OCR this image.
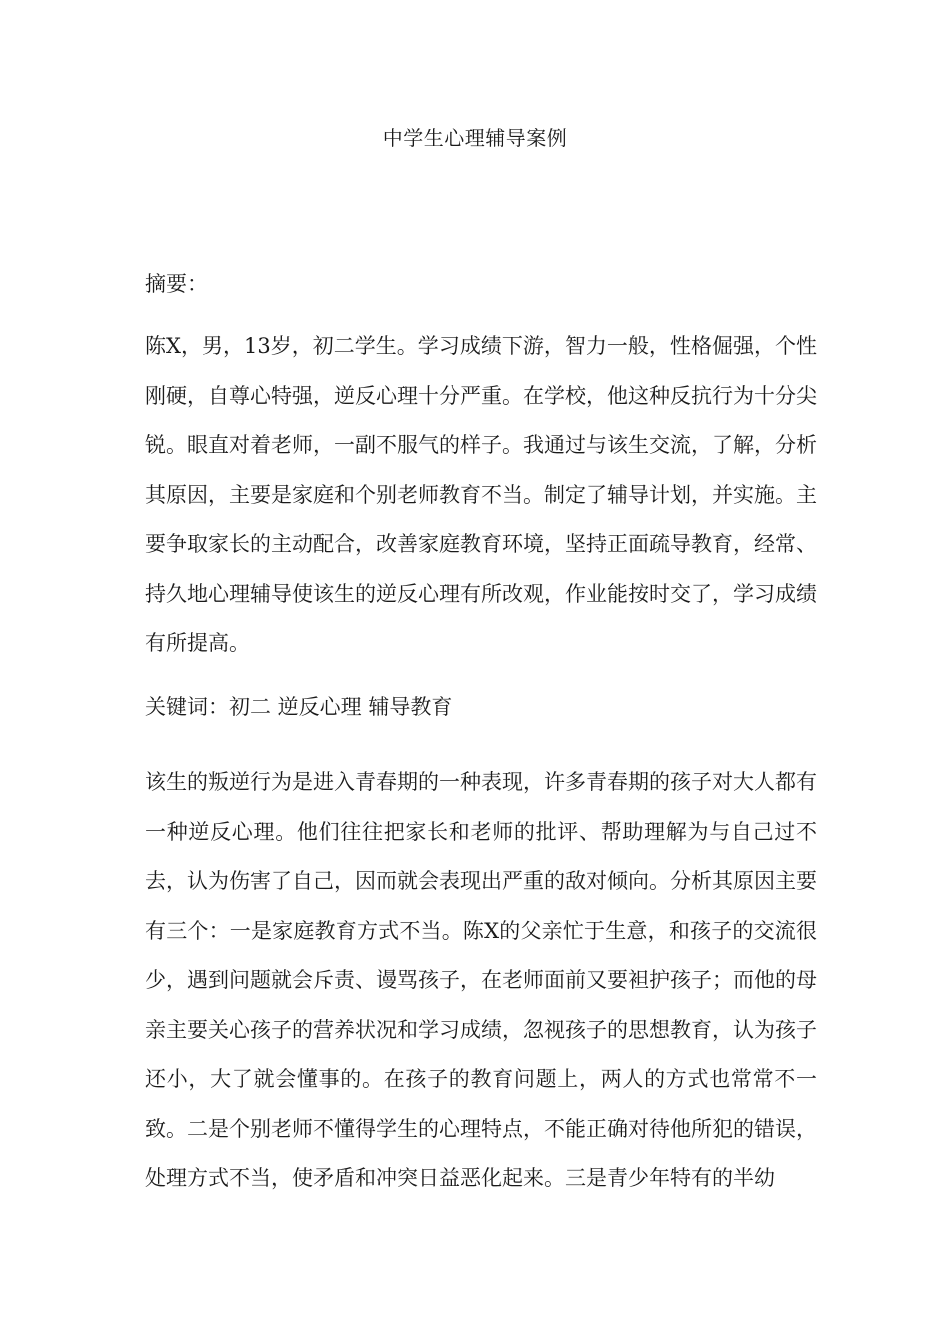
中学生心理辅导案例

摘要：

陈X，男，13岁，初二学生。学习成绩下游，智力一般，性格倔强，个性刚硬，自尊心特强，逆反心理十分严重。在学校，他这种反抗行为十分尖锐。眼直对着老师，一副不服气的样子。我通过与该生交流，了解，分析其原因，主要是家庭和个别老师教育不当。制定了辅导计划，并实施。主要争取家长的主动配合，改善家庭教育环境，坚持正面疏导教育，经常、持久地心理辅导使该生的逆反心理有所改观，作业能按时交了，学习成绩有所提高。

关键词：初二 逆反心理 辅导教育

该生的叛逆行为是进入青春期的一种表现，许多青春期的孩子对大人都有一种逆反心理。他们往往把家长和老师的批评、帮助理解为与自己过不去，认为伤害了自己，因而就会表现出严重的敌对倾向。分析其原因主要有三个：一是家庭教育方式不当。陈X的父亲忙于生意，和孩子的交流很少，遇到问题就会斥责、谩骂孩子，在老师面前又要袒护孩子；而他的母亲主要关心孩子的营养状况和学习成绩，忽视孩子的思想教育，认为孩子还小，大了就会懂事的。在孩子的教育问题上，两人的方式也常常不一致。二是个别老师不懂得学生的心理特点，不能正确对待他所犯的错误，处理方式不当，使矛盾和冲突日益恶化起来。三是青少年特有的半幼
